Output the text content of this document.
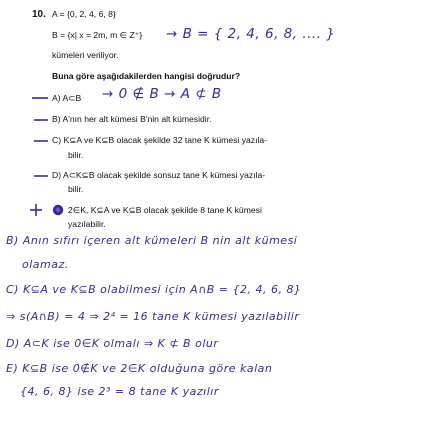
10. A = {0, 2, 4, 6, 8}
B = {x| x = 2m, m ∈ Z⁺}
kümeleri veriliyor.
Buna göre aşağıdakilerden hangisi doğrudur?
→ B = { 2, 4, 6, 8, .... }
A) A⊂B → 0 ∉ B → A ⊄ B
B) A'nın her alt kümesi B'nin alt kümesidir.
C) K⊆A ve K⊆B olacak şekilde 32 tane K kümesi yazıla-
bilir.
D) A⊂K⊆B olacak şekilde sonsuz tane K kümesi yazıla-
bilir.
2∈K, K⊆A ve K⊆B olacak şekilde 8 tane K kümesi
yazılabilir.
B) Anın sıfırı içeren alt kümeleri B nin alt kümesi
olamaz.
C) K⊆A ve K⊆B olabilmesi için A∩B = {2, 4, 6, 8}
⇒ s(A∩B) = 4 ⇒ 2⁴ = 16 tane K kümesi yazılabilir
D) A⊂K ise 0∈K olmalı ⇒ K ⊄ B olur
E) K⊆B ise 0∉K ve 2∈K olduğuna göre kalan
{4, 6, 8} ise 2³ = 8 tane K yazılır
